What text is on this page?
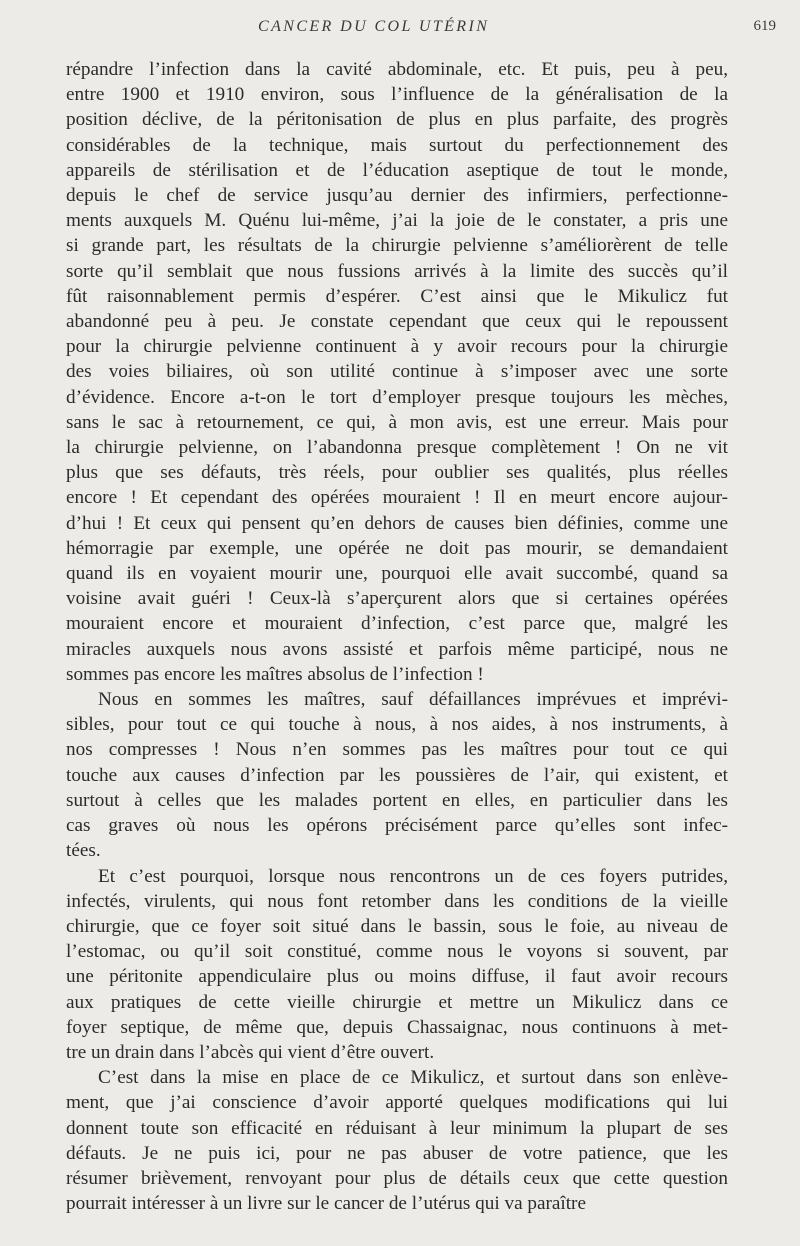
CANCER DU COL UTÉRIN	619

répandre l’infection dans la cavité abdominale, etc. Et puis, peu à peu,
entre 1900 et 1910 environ, sous l’influence de la généralisation de la
position déclive, de la péritonisation de plus en plus parfaite, des progrès
considérables de la technique, mais surtout du perfectionnement des
appareils de stérilisation et de l’éducation aseptique de tout le monde,
depuis le chef de service jusqu’au dernier des infirmiers, perfectionne-
ments auxquels M. Quénu lui-même, j’ai la joie de le constater, a pris une
si grande part, les résultats de la chirurgie pelvienne s’améliorèrent de telle
sorte qu’il semblait que nous fussions arrivés à la limite des succès qu’il
fût raisonnablement permis d’espérer. C’est ainsi que le Mikulicz fut
abandonné peu à peu. Je constate cependant que ceux qui le repoussent
pour la chirurgie pelvienne continuent à y avoir recours pour la chirurgie
des voies biliaires, où son utilité continue à s’imposer avec une sorte
d’évidence. Encore a-t-on le tort d’employer presque toujours les mèches,
sans le sac à retournement, ce qui, à mon avis, est une erreur. Mais pour
la chirurgie pelvienne, on l’abandonna presque complètement ! On ne vit
plus que ses défauts, très réels, pour oublier ses qualités, plus réelles
encore ! Et cependant des opérées mouraient ! Il en meurt encore aujour-
d’hui ! Et ceux qui pensent qu’en dehors de causes bien définies, comme une
hémorragie par exemple, une opérée ne doit pas mourir, se demandaient
quand ils en voyaient mourir une, pourquoi elle avait succombé, quand sa
voisine avait guéri ! Ceux-là s’aperçurent alors que si certaines opérées
mouraient encore et mouraient d’infection, c’est parce que, malgré les
miracles auxquels nous avons assisté et parfois même participé, nous ne
sommes pas encore les maîtres absolus de l’infection !

Nous en sommes les maîtres, sauf défaillances imprévues et imprévi-
sibles, pour tout ce qui touche à nous, à nos aides, à nos instruments, à
nos compresses ! Nous n’en sommes pas les maîtres pour tout ce qui
touche aux causes d’infection par les poussières de l’air, qui existent, et
surtout à celles que les malades portent en elles, en particulier dans les
cas graves où nous les opérons précisément parce qu’elles sont infec-
tées.

Et c’est pourquoi, lorsque nous rencontrons un de ces foyers putrides,
infectés, virulents, qui nous font retomber dans les conditions de la vieille
chirurgie, que ce foyer soit situé dans le bassin, sous le foie, au niveau de
l’estomac, ou qu’il soit constitué, comme nous le voyons si souvent, par
une péritonite appendiculaire plus ou moins diffuse, il faut avoir recours
aux pratiques de cette vieille chirurgie et mettre un Mikulicz dans ce
foyer septique, de même que, depuis Chassaignac, nous continuons à met-
tre un drain dans l’abcès qui vient d’être ouvert.

C’est dans la mise en place de ce Mikulicz, et surtout dans son enlève-
ment, que j’ai conscience d’avoir apporté quelques modifications qui lui
donnent toute son efficacité en réduisant à leur minimum la plupart de ses
défauts. Je ne puis ici, pour ne pas abuser de votre patience, que les
résumer brièvement, renvoyant pour plus de détails ceux que cette question
pourrait intéresser à un livre sur le cancer de l’utérus qui va paraître
